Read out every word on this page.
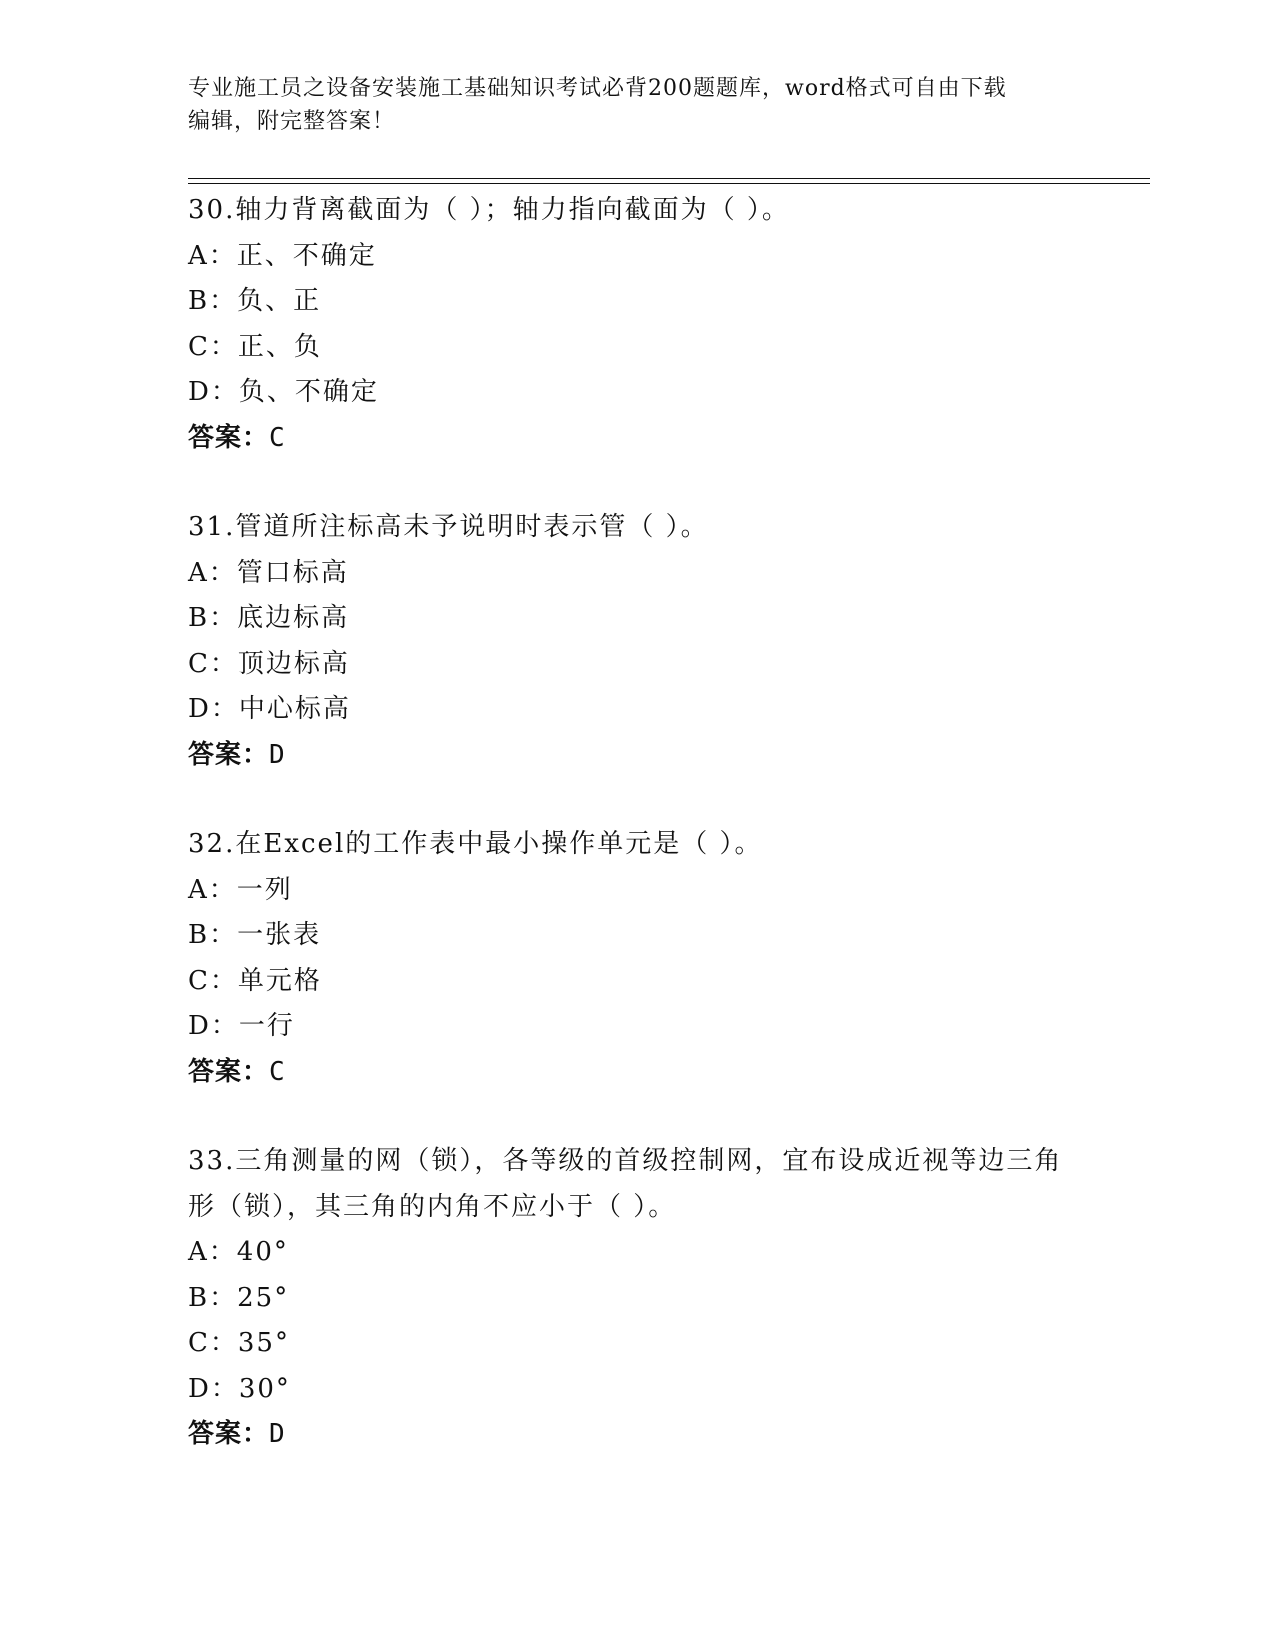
专业施工员之设备安装施工基础知识考试必背200题题库，word格式可自由下载
编辑，附完整答案！
30.轴力背离截面为（ ）；轴力指向截面为（ ）。
A：正、不确定
B：负、正
C：正、负
D：负、不确定
答案：C
31.管道所注标高未予说明时表示管（ ）。
A：管口标高
B：底边标高
C：顶边标高
D：中心标高
答案：D
32.在Excel的工作表中最小操作单元是（ ）。
A：一列
B：一张表
C：单元格
D：一行
答案：C
33.三角测量的网（锁），各等级的首级控制网，宜布设成近视等边三角形（锁），其三角的内角不应小于（ ）。
A：40°
B：25°
C：35°
D：30°
答案：D
